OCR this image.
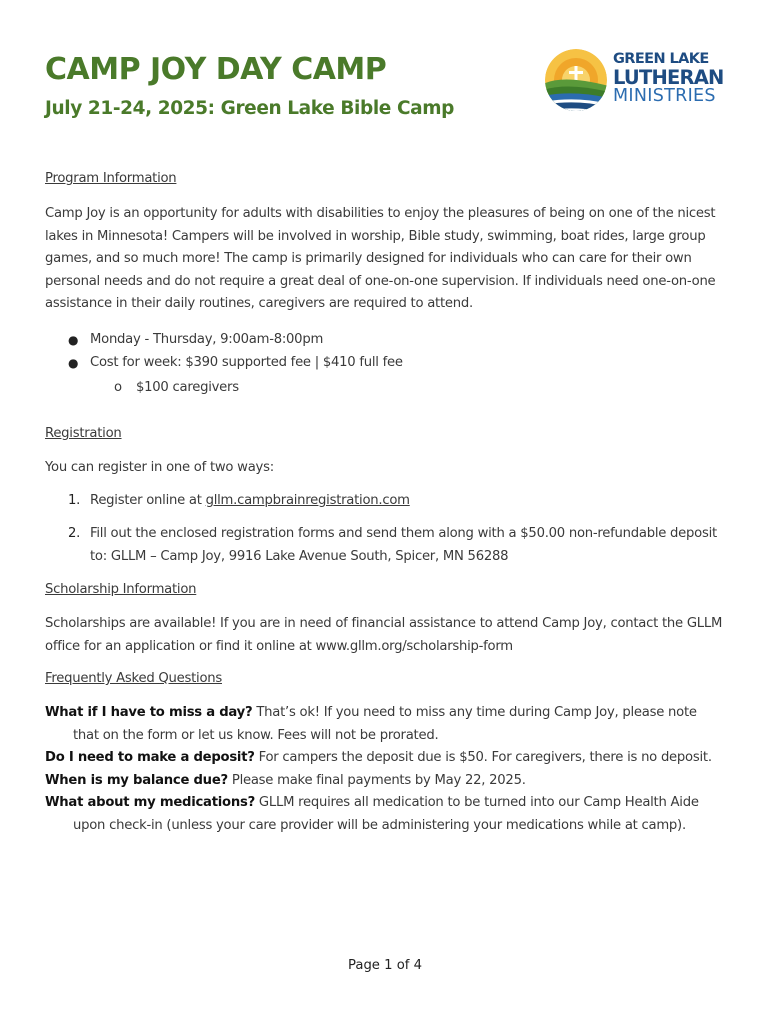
CAMP JOY DAY CAMP
July 21-24, 2025: Green Lake Bible Camp
GREEN LAKE
LUTHERAN
MINISTRIES
Program Information

Camp Joy is an opportunity for adults with disabilities to enjoy the pleasures of being on one of the nicest lakes in Minnesota! Campers will be involved in worship, Bible study, swimming, boat rides, large group games, and so much more! The camp is primarily designed for individuals who can care for their own personal needs and do not require a great deal of one-on-one supervision. If individuals need one-on-one assistance in their daily routines, caregivers are required to attend.

● Monday - Thursday, 9:00am-8:00pm
● Cost for week: $390 supported fee | $410 full fee
o $100 caregivers
Registration
You can register in one of two ways:
1. Register online at gllm.campbrainregistration.com
2. Fill out the enclosed registration forms and send them along with a $50.00 non-refundable deposit to: GLLM – Camp Joy, 9916 Lake Avenue South, Spicer, MN 56288
Scholarship Information

Scholarships are available! If you are in need of financial assistance to attend Camp Joy, contact the GLLM office for an application or find it online at www.gllm.org/scholarship-form

Frequently Asked Questions
What if I have to miss a day? That’s ok! If you need to miss any time during Camp Joy, please note that on the form or let us know. Fees will not be prorated.
Do I need to make a deposit? For campers the deposit due is $50. For caregivers, there is no deposit.
When is my balance due? Please make final payments by May 22, 2025.
What about my medications? GLLM requires all medication to be turned into our Camp Health Aide upon check-in (unless your care provider will be administering your medications while at camp).
Page 1 of 4
